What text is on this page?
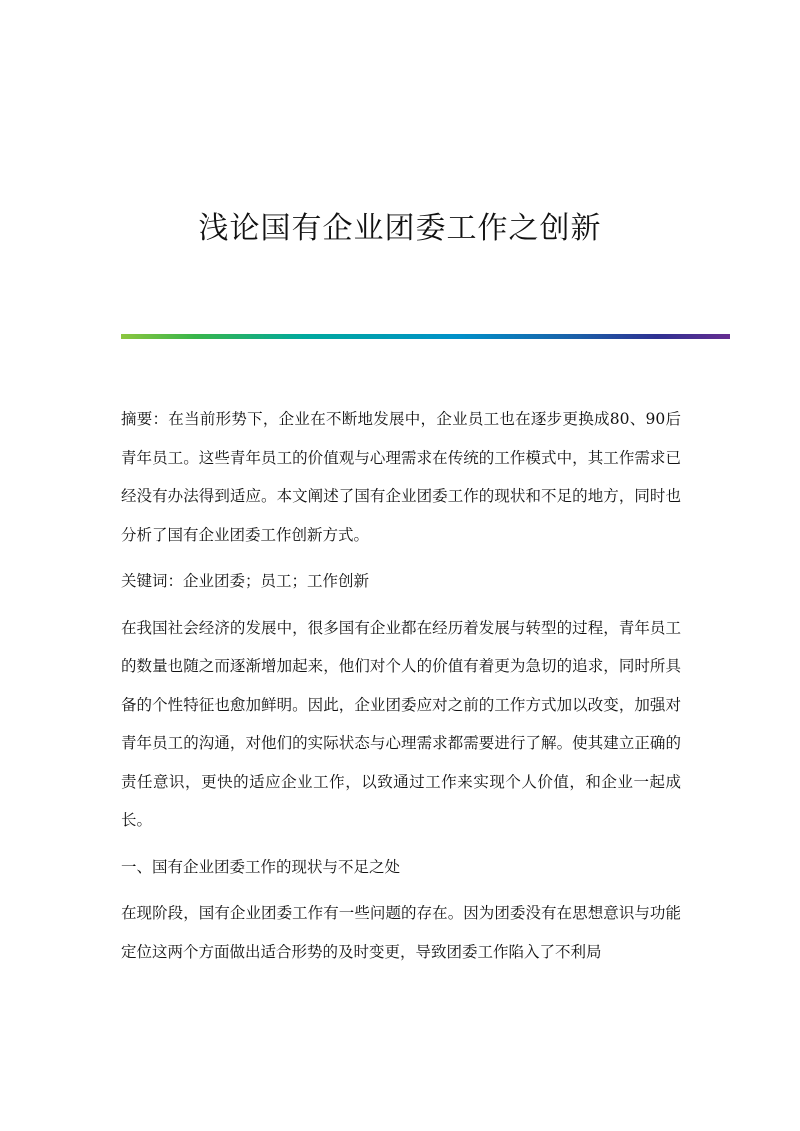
浅论国有企业团委工作之创新

摘要：在当前形势下，企业在不断地发展中，企业员工也在逐步更换成80、90后青年员工。这些青年员工的价值观与心理需求在传统的工作模式中，其工作需求已经没有办法得到适应。本文阐述了国有企业团委工作的现状和不足的地方，同时也分析了国有企业团委工作创新方式。

关键词：企业团委；员工；工作创新

在我国社会经济的发展中，很多国有企业都在经历着发展与转型的过程，青年员工的数量也随之而逐渐增加起来，他们对个人的价值有着更为急切的追求，同时所具备的个性特征也愈加鲜明。因此，企业团委应对之前的工作方式加以改变，加强对青年员工的沟通，对他们的实际状态与心理需求都需要进行了解。使其建立正确的责任意识，更快的适应企业工作，以致通过工作来实现个人价值，和企业一起成长。

一、国有企业团委工作的现状与不足之处

在现阶段，国有企业团委工作有一些问题的存在。因为团委没有在思想意识与功能定位这两个方面做出适合形势的及时变更，导致团委工作陷入了不利局
